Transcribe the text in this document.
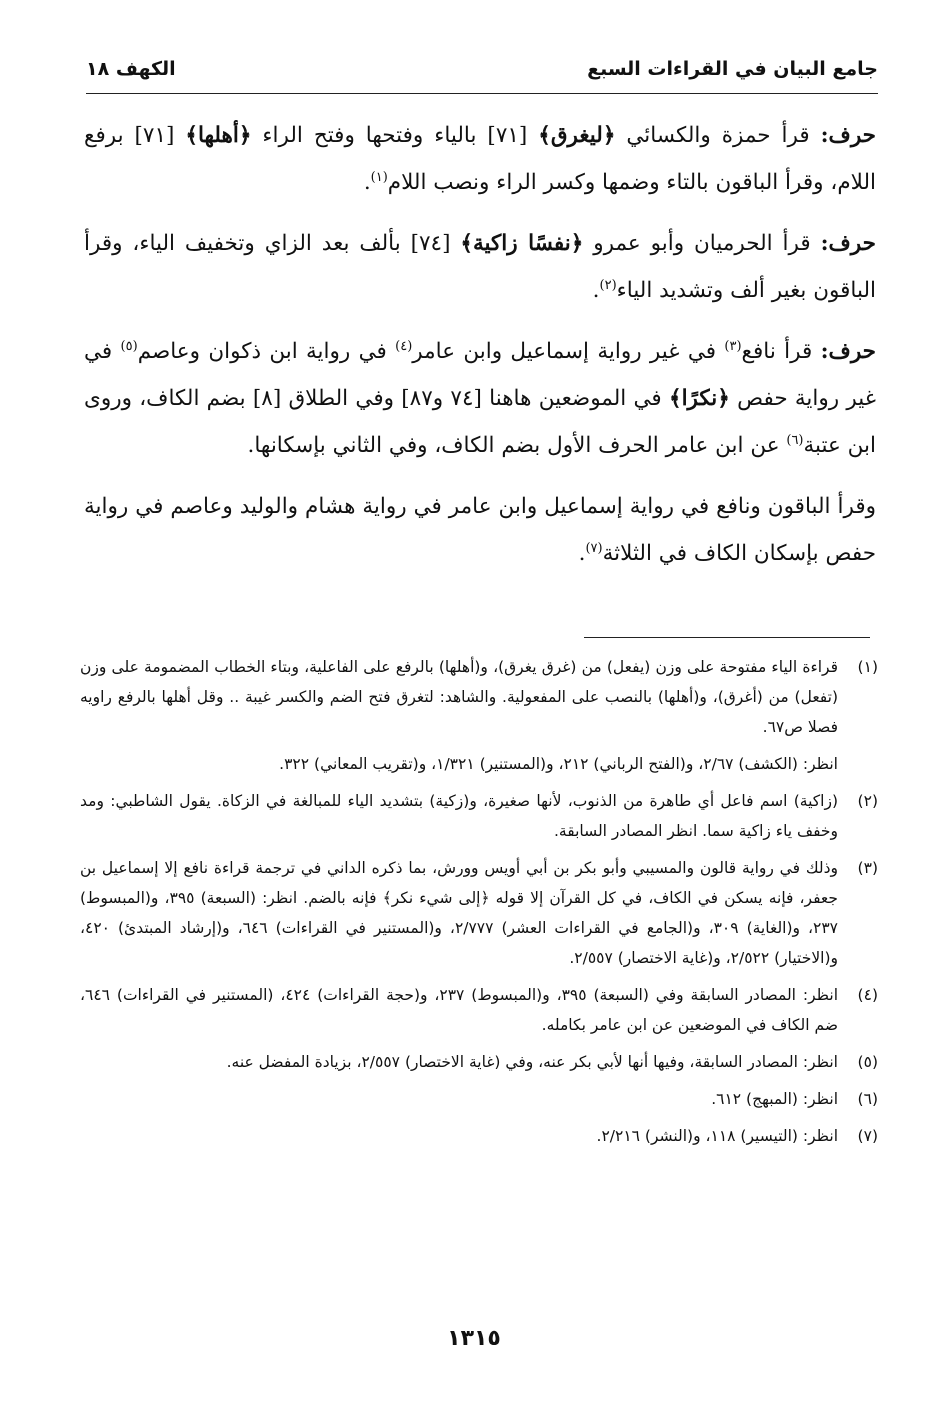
جامع البيان في القراءات السبع
الكهف ١٨

حرف: قرأ حمزة والكسائي ﴿ليغرق﴾ [٧١] بالياء وفتحها وفتح الراء ﴿أهلها﴾ [٧١] برفع اللام، وقرأ الباقون بالتاء وضمها وكسر الراء ونصب اللام$^{(١)}$.

حرف: قرأ الحرميان وأبو عمرو ﴿نفسًا زاكية﴾ [٧٤] بألف بعد الزاي وتخفيف الياء، وقرأ الباقون بغير ألف وتشديد الياء$^{(٢)}$.

حرف: قرأ نافع$^{(٣)}$ في غير رواية إسماعيل وابن عامر$^{(٤)}$ في رواية ابن ذكوان وعاصم$^{(٥)}$ في غير رواية حفص ﴿نكرًا﴾ في الموضعين هاهنا [٧٤ و٨٧] وفي الطلاق [٨] بضم الكاف، وروى ابن عتبة$^{(٦)}$ عن ابن عامر الحرف الأول بضم الكاف، وفي الثاني بإسكانها.

وقرأ الباقون ونافع في رواية إسماعيل وابن عامر في رواية هشام والوليد وعاصم في رواية حفص بإسكان الكاف في الثلاثة$^{(٧)}$.

(١)
قراءة الياء مفتوحة على وزن (يفعل) من (غرق يغرق)، و(أهلها) بالرفع على الفاعلية، وبتاء الخطاب المضمومة على وزن (تفعل) من (أغرق)، و(أهلها) بالنصب على المفعولية. والشاهد: لتغرق فتح الضم والكسر غيبة .. وقل أهلها بالرفع راويه فصلا ص٦٧.
انظر: (الكشف) ٢/٦٧، و(الفتح الرباني) ٢١٢، و(المستنير) ١/٣٢١، و(تقريب المعاني) ٣٢٢.
(٢)
(زاكية) اسم فاعل أي طاهرة من الذنوب، لأنها صغيرة، و(زكية) بتشديد الياء للمبالغة في الزكاة. يقول الشاطبي: ومد وخفف ياء زاكية سما. انظر المصادر السابقة.
(٣)
وذلك في رواية قالون والمسيبي وأبو بكر بن أبي أويس وورش، بما ذكره الداني في ترجمة قراءة نافع إلا إسماعيل بن جعفر، فإنه يسكن في الكاف، في كل القرآن إلا قوله ﴿إلى شيء نكر﴾ فإنه بالضم. انظر: (السبعة) ٣٩٥، و(المبسوط) ٢٣٧، و(الغاية) ٣٠٩، و(الجامع في القراءات العشر) ٢/٧٧٧، و(المستنير في القراءات) ٦٤٦، و(إرشاد المبتدئ) ٤٢٠، و(الاختيار) ٢/٥٢٢، و(غاية الاختصار) ٢/٥٥٧.
(٤)
انظر: المصادر السابقة وفي (السبعة) ٣٩٥، و(المبسوط) ٢٣٧، و(حجة القراءات) ٤٢٤، (المستنير في القراءات) ٦٤٦، ضم الكاف في الموضعين عن ابن عامر بكامله.
(٥)
انظر: المصادر السابقة، وفيها أنها لأبي بكر عنه، وفي (غاية الاختصار) ٢/٥٥٧، بزيادة المفضل عنه.
(٦)
انظر: (المبهج) ٦١٢.
(٧)
انظر: (التيسير) ١١٨، و(النشر) ٢/٢١٦.
١٣١٥
